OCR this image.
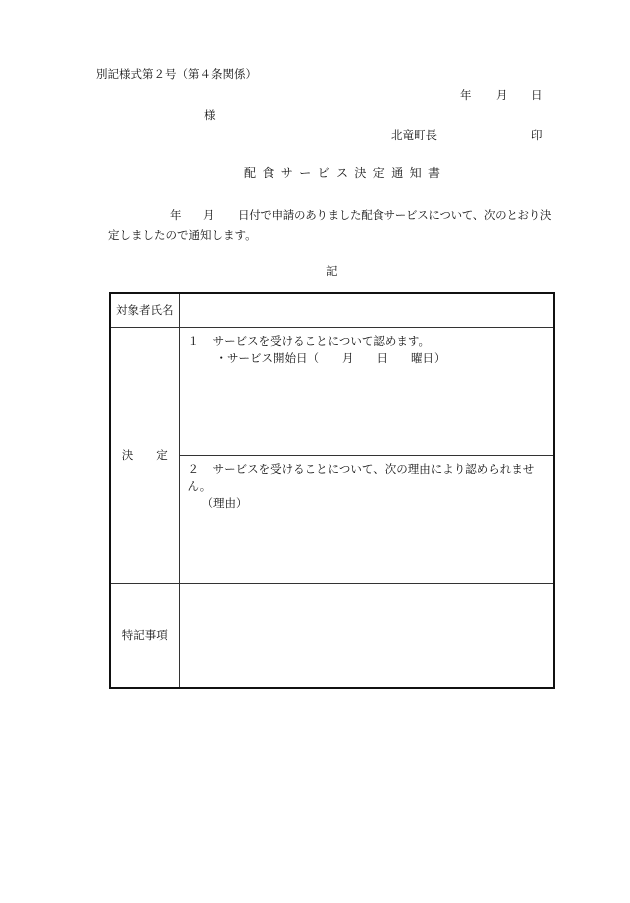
別記様式第２号（第４条関係）
年 月 日
様
北竜町長	印
配食サービス決定通知書
年 月 日付で申請のありました配食サービスについて、次のとおり決
定しましたので通知します。
記
対象者氏名	
決　　定	１ サービスを受けることについて認めます。
・サービス開始日（　　月　　日　　曜日）

	２ サービスを受けることについて、次の理由により認められません。
（理由）

特記事項	
